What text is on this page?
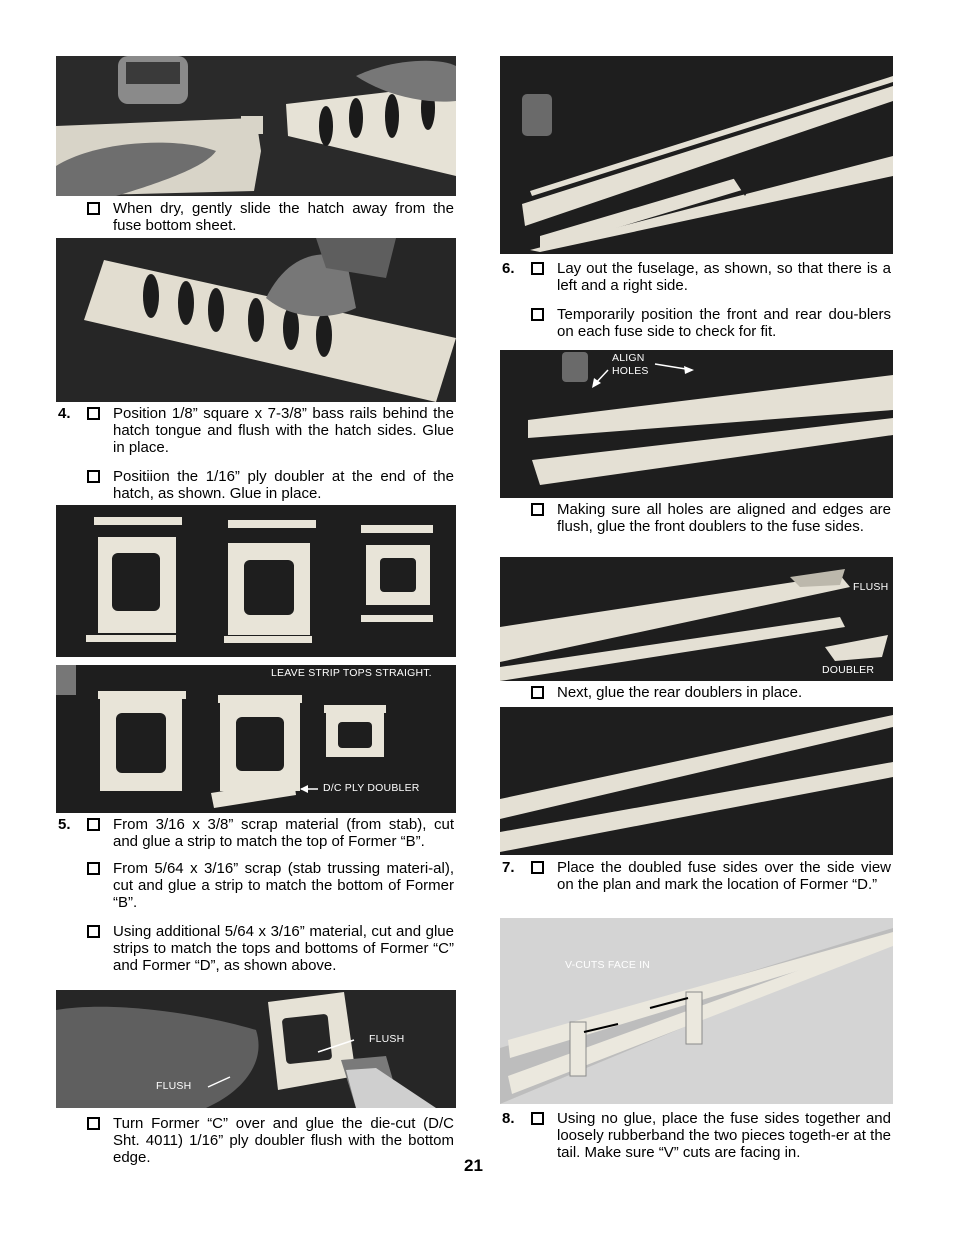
When dry, gently slide the hatch away from the fuse bottom sheet.
4.	Position 1/8” square x 7-3/8” bass rails behind the hatch tongue and flush with the hatch sides. Glue in place.
Positiion the 1/16” ply doubler at the end of the hatch, as shown. Glue in place.
LEAVE STRIP TOPS STRAIGHT.
D/C PLY DOUBLER
5.	From 3/16 x 3/8” scrap material (from stab), cut and glue a strip to match the top of Former “B”.
From 5/64 x 3/16” scrap (stab trussing materi-al), cut and glue a strip to match the bottom of Former “B”.
Using additional 5/64 x 3/16” material, cut and glue strips to match the tops and bottoms of Former “C” and Former “D”, as shown above.
FLUSH
FLUSH
Turn Former “C” over and glue the die-cut (D/C Sht. 4011) 1/16” ply doubler flush with the bottom edge.	21
6.	Lay out the fuselage, as shown, so that there is a left and a right side.
Temporarily position the front and rear dou-blers on each fuse side to check for fit.
ALIGN HOLES
Making sure all holes are aligned and edges are flush, glue the front doublers to the fuse sides.
FLUSH
DOUBLER
Next, glue the rear doublers in place.
7.	Place the doubled fuse sides over the side view on the plan and mark the location of Former “D.”
V-CUTS FACE IN
8.	Using no glue, place the fuse sides together and loosely rubberband the two pieces togeth-er at the tail. Make sure “V” cuts are facing in.
